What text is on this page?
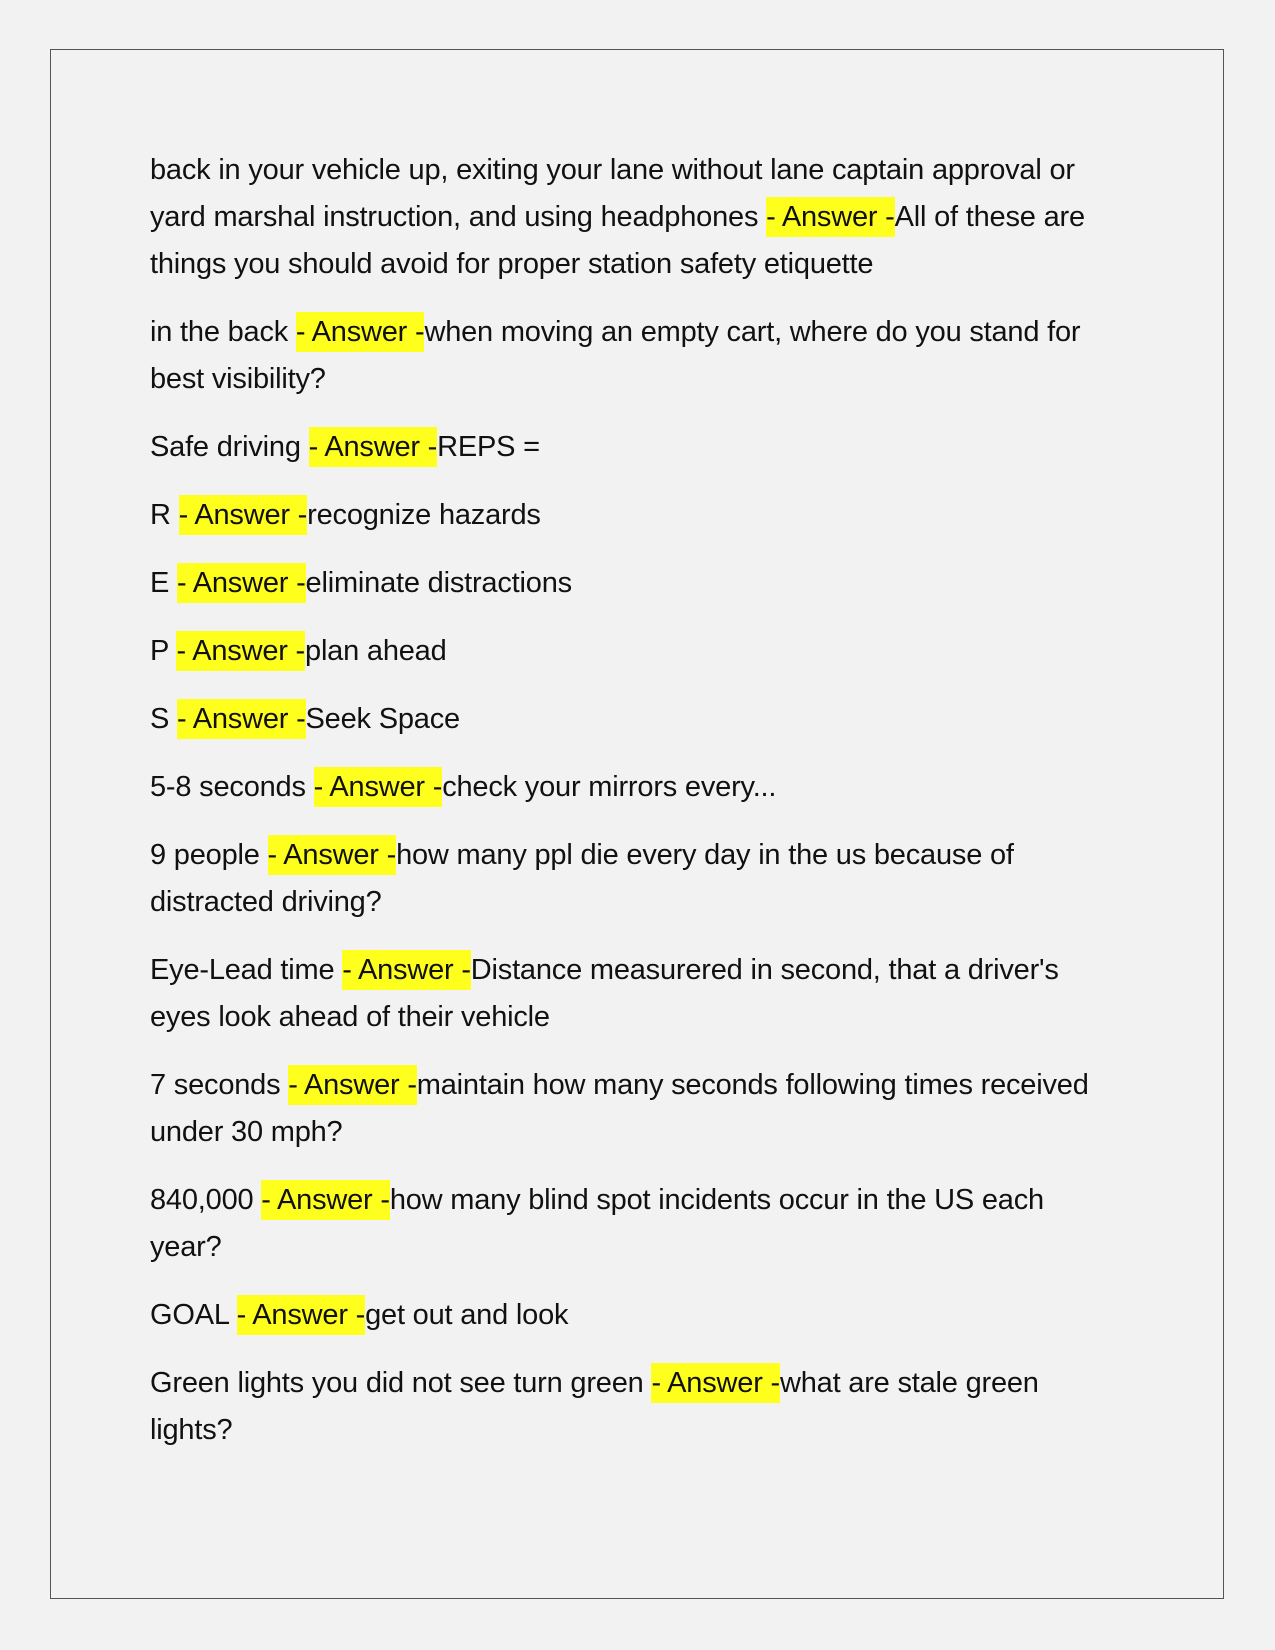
back in your vehicle up, exiting your lane without lane captain approval or yard marshal instruction, and using headphones - Answer -All of these are things you should avoid for proper station safety etiquette

in the back - Answer -when moving an empty cart, where do you stand for best visibility?

Safe driving - Answer -REPS =

R - Answer -recognize hazards

E - Answer -eliminate distractions

P - Answer -plan ahead

S - Answer -Seek Space

5-8 seconds - Answer -check your mirrors every...

9 people - Answer -how many ppl die every day in the us because of distracted driving?

Eye-Lead time - Answer -Distance measurered in second, that a driver's eyes look ahead of their vehicle

7 seconds - Answer -maintain how many seconds following times received under 30 mph?

840,000 - Answer -how many blind spot incidents occur in the US each year?

GOAL - Answer -get out and look

Green lights you did not see turn green - Answer -what are stale green lights?
